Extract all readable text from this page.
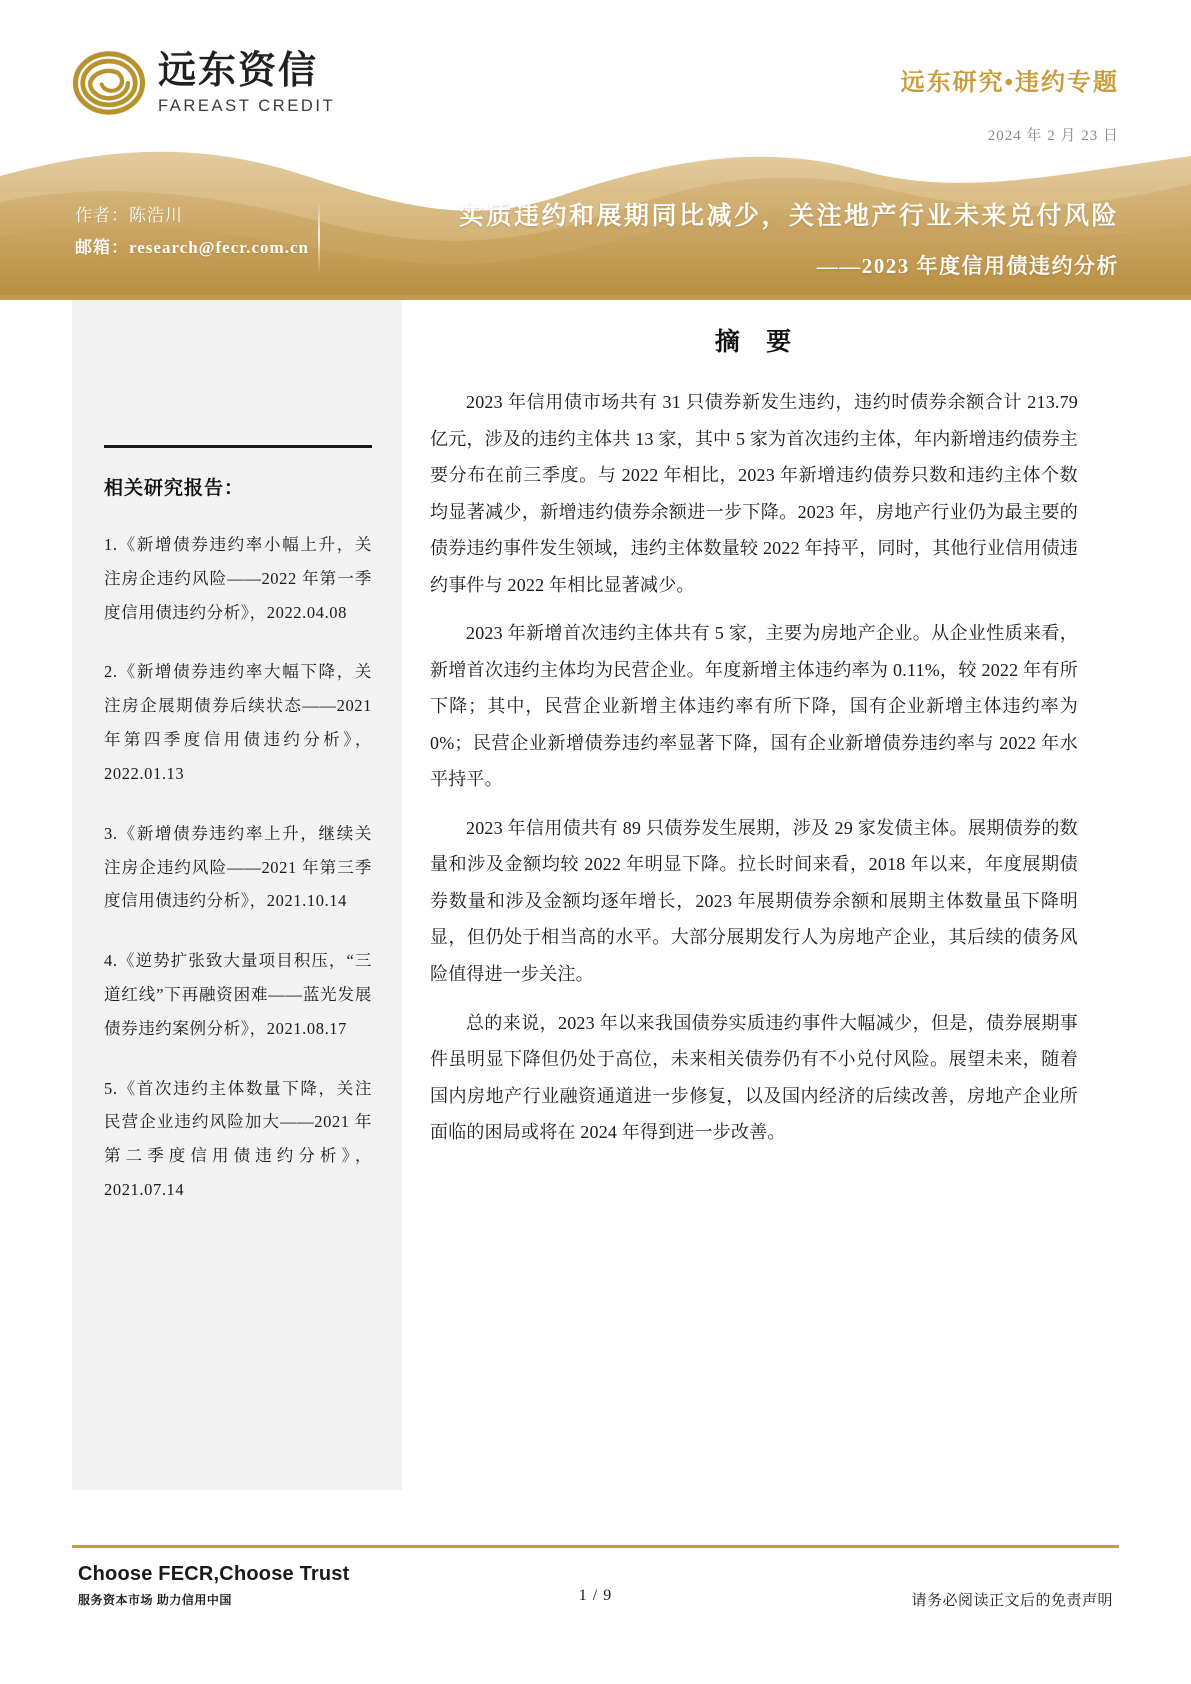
远东资信
FAREAST CREDIT
远东研究•违约专题
2024 年 2 月 23 日
作者：陈浩川
邮箱：research@fecr.com.cn
实质违约和展期同比减少，关注地产行业未来兑付风险
——2023 年度信用债违约分析
相关研究报告：
1.《新增债券违约率小幅上升，关注房企违约风险——2022 年第一季度信用债违约分析》，2022.04.08
2.《新增债券违约率大幅下降，关注房企展期债券后续状态——2021 年第四季度信用债违约分析》，2022.01.13
3.《新增债券违约率上升，继续关注房企违约风险——2021 年第三季度信用债违约分析》，2021.10.14
4.《逆势扩张致大量项目积压，“三道红线”下再融资困难——蓝光发展债券违约案例分析》，2021.08.17
5.《首次违约主体数量下降，关注民营企业违约风险加大——2021 年第二季度信用债违约分析》，2021.07.14
摘 要

2023 年信用债市场共有 31 只债券新发生违约，违约时债券余额合计 213.79 亿元，涉及的违约主体共 13 家，其中 5 家为首次违约主体，年内新增违约债券主要分布在前三季度。与 2022 年相比，2023 年新增违约债券只数和违约主体个数均显著减少，新增违约债券余额进一步下降。2023 年，房地产行业仍为最主要的债券违约事件发生领域，违约主体数量较 2022 年持平，同时，其他行业信用债违约事件与 2022 年相比显著减少。

2023 年新增首次违约主体共有 5 家，主要为房地产企业。从企业性质来看，新增首次违约主体均为民营企业。年度新增主体违约率为 0.11%，较 2022 年有所下降；其中，民营企业新增主体违约率有所下降，国有企业新增主体违约率为 0%；民营企业新增债券违约率显著下降，国有企业新增债券违约率与 2022 年水平持平。

2023 年信用债共有 89 只债券发生展期，涉及 29 家发债主体。展期债券的数量和涉及金额均较 2022 年明显下降。拉长时间来看，2018 年以来，年度展期债券数量和涉及金额均逐年增长，2023 年展期债券余额和展期主体数量虽下降明显，但仍处于相当高的水平。大部分展期发行人为房地产企业，其后续的债务风险值得进一步关注。

总的来说，2023 年以来我国债券实质违约事件大幅减少，但是，债券展期事件虽明显下降但仍处于高位，未来相关债券仍有不小兑付风险。展望未来，随着国内房地产行业融资通道进一步修复，以及国内经济的后续改善，房地产企业所面临的困局或将在 2024 年得到进一步改善。

Choose FECR,Choose Trust
服务资本市场 助力信用中国	1 / 9	请务必阅读正文后的免责声明
